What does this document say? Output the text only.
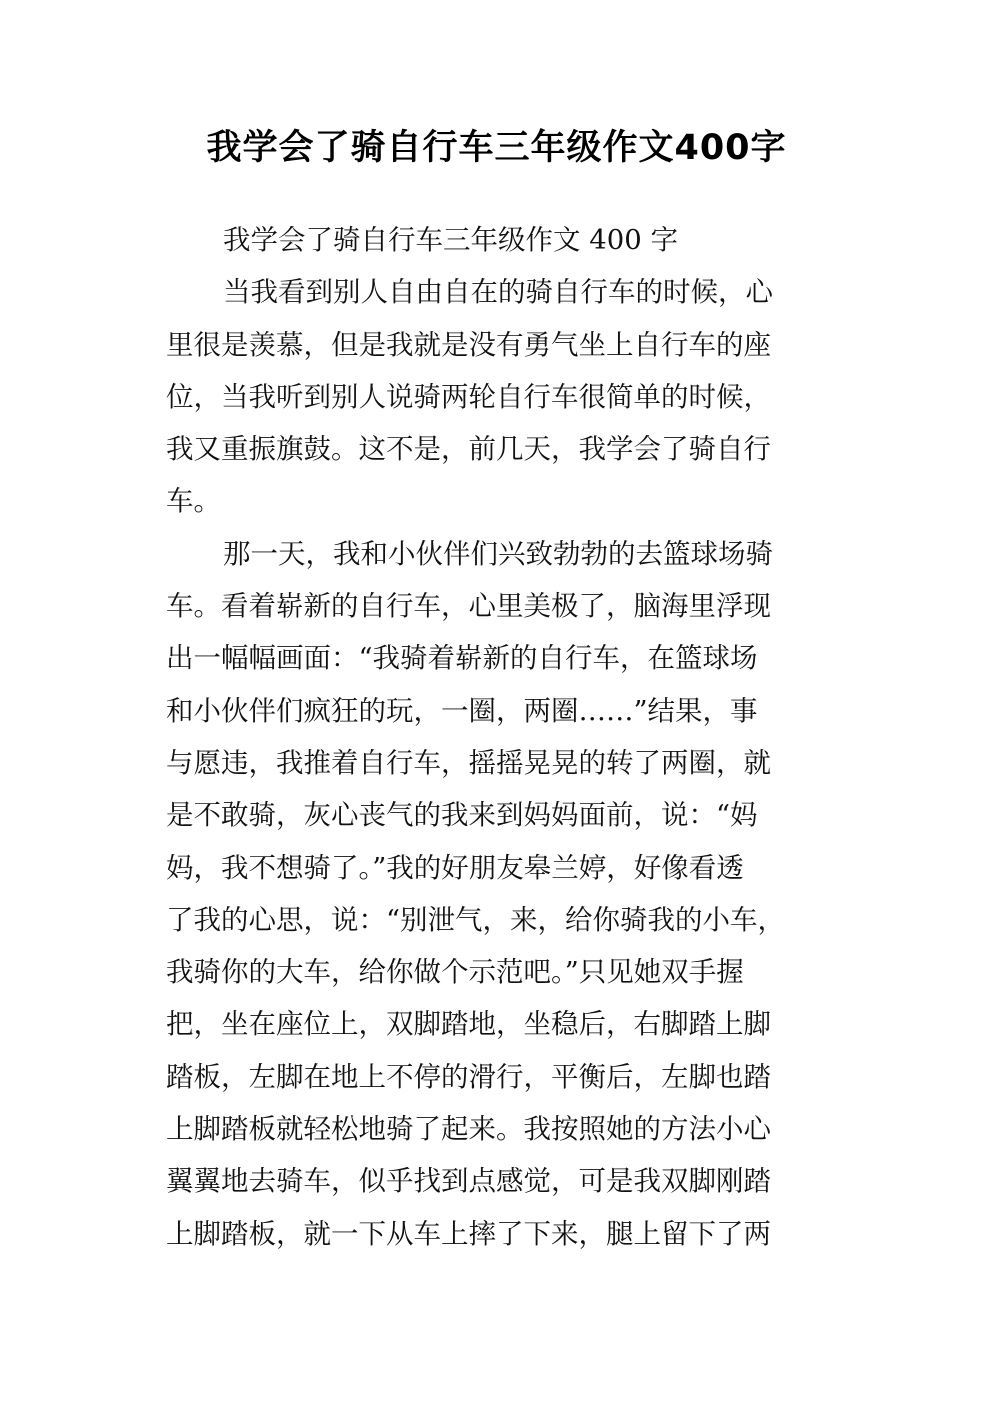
我学会了骑自行车三年级作文400字
我学会了骑自行车三年级作文 400 字
当我看到别人自由自在的骑自行车的时候，心
里很是羡慕，但是我就是没有勇气坐上自行车的座
位，当我听到别人说骑两轮自行车很简单的时候，
我又重振旗鼓。这不是，前几天，我学会了骑自行
车。
那一天，我和小伙伴们兴致勃勃的去篮球场骑
车。看着崭新的自行车，心里美极了，脑海里浮现
出一幅幅画面：“我骑着崭新的自行车，在篮球场
和小伙伴们疯狂的玩，一圈，两圈……”结果，事
与愿违，我推着自行车，摇摇晃晃的转了两圈，就
是不敢骑，灰心丧气的我来到妈妈面前，说：“妈
妈，我不想骑了。”我的好朋友皋兰婷，好像看透
了我的心思，说：“别泄气，来，给你骑我的小车，
我骑你的大车，给你做个示范吧。”只见她双手握
把，坐在座位上，双脚踏地，坐稳后，右脚踏上脚
踏板，左脚在地上不停的滑行，平衡后，左脚也踏
上脚踏板就轻松地骑了起来。我按照她的方法小心
翼翼地去骑车，似乎找到点感觉，可是我双脚刚踏
上脚踏板，就一下从车上摔了下来，腿上留下了两
